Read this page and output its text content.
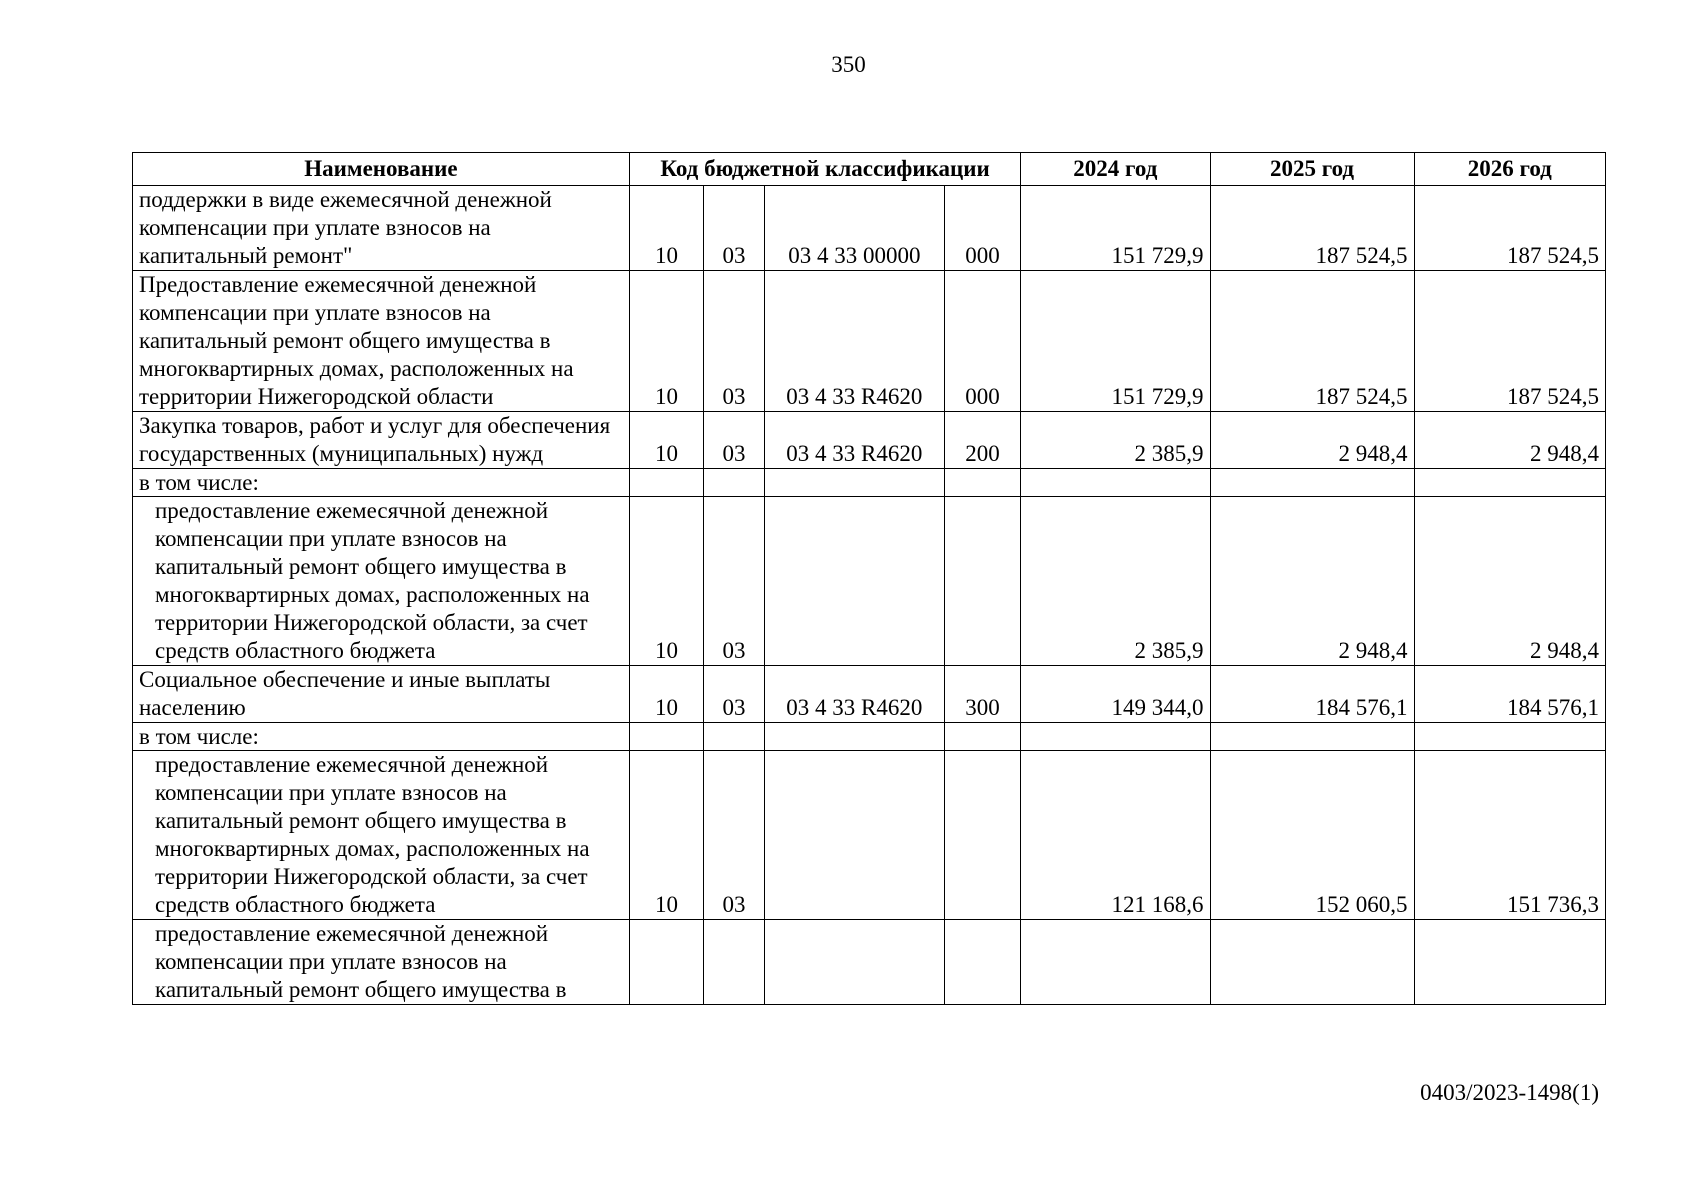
350
Наименование	Код бюджетной классификации				2024 год	2025 год	2026 год
поддержки в виде ежемесячной денежной компенсации при уплате взносов на капитальный ремонт"	10	03	03 4 33 00000	000	151 729,9	187 524,5	187 524,5
Предоставление ежемесячной денежной компенсации при уплате взносов на капитальный ремонт общего имущества в многоквартирных домах, расположенных на территории Нижегородской области	10	03	03 4 33 R4620	000	151 729,9	187 524,5	187 524,5
Закупка товаров, работ и услуг для обеспечения государственных (муниципальных) нужд	10	03	03 4 33 R4620	200	2 385,9	2 948,4	2 948,4
в том числе:							
предоставление ежемесячной денежной компенсации при уплате взносов на капитальный ремонт общего имущества в многоквартирных домах, расположенных на территории Нижегородской области, за счет средств областного бюджета	10	03			2 385,9	2 948,4	2 948,4
Социальное обеспечение и иные выплаты населению	10	03	03 4 33 R4620	300	149 344,0	184 576,1	184 576,1
в том числе:							
предоставление ежемесячной денежной компенсации при уплате взносов на капитальный ремонт общего имущества в многоквартирных домах, расположенных на территории Нижегородской области, за счет средств областного бюджета	10	03			121 168,6	152 060,5	151 736,3
предоставление ежемесячной денежной компенсации при уплате взносов на капитальный ремонт общего имущества в							
0403/2023-1498(1)
